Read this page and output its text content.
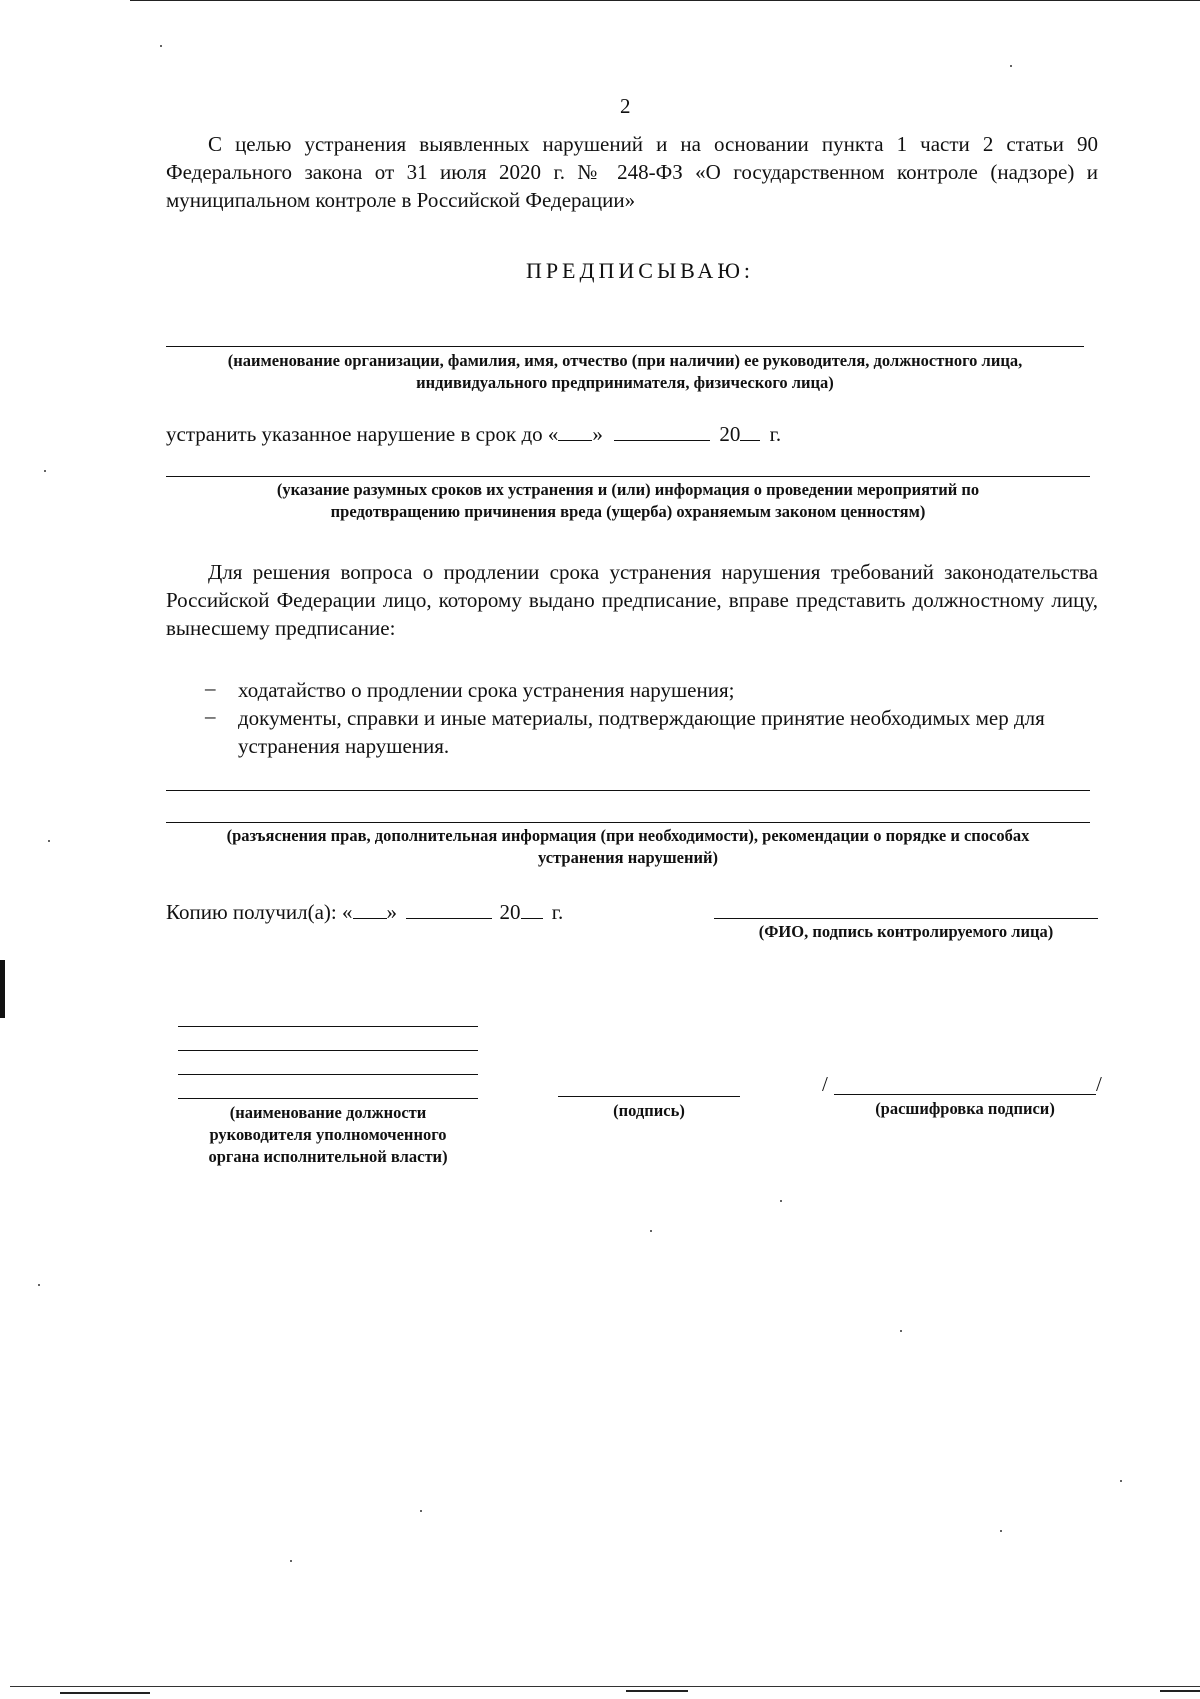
2
С целью устранения выявленных нарушений и на основании пункта 1 части 2 статьи 90 Федерального закона от 31 июля 2020 г. № 248-ФЗ «О государственном контроле (надзоре) и муниципальном контроле в Российской Федерации»
ПРЕДПИСЫВАЮ:
(наименование организации, фамилия, имя, отчество (при наличии) ее руководителя, должностного лица,
индивидуального предпринимателя, физического лица)
устранить указанное нарушение в срок до « »	20 г.
(указание разумных сроков их устранения и (или) информация о проведении мероприятий по
предотвращению причинения вреда (ущерба) охраняемым законом ценностям)
Для решения вопроса о продлении срока устранения нарушения требований законодательства Российской Федерации лицо, которому выдано предписание, вправе представить должностному лицу, вынесшему предписание:
– ходатайство о продлении срока устранения нарушения;
– документы, справки и иные материалы, подтверждающие принятие необходимых мер для устранения нарушения.
(разъяснения прав, дополнительная информация (при необходимости), рекомендации о порядке и способах
устранения нарушений)
Копию получил(а): « »	20 г.
(ФИО, подпись контролируемого лица)
(наименование должности
руководителя уполномоченного
органа исполнительной власти)
(подпись)
/	/
(расшифровка подписи)
